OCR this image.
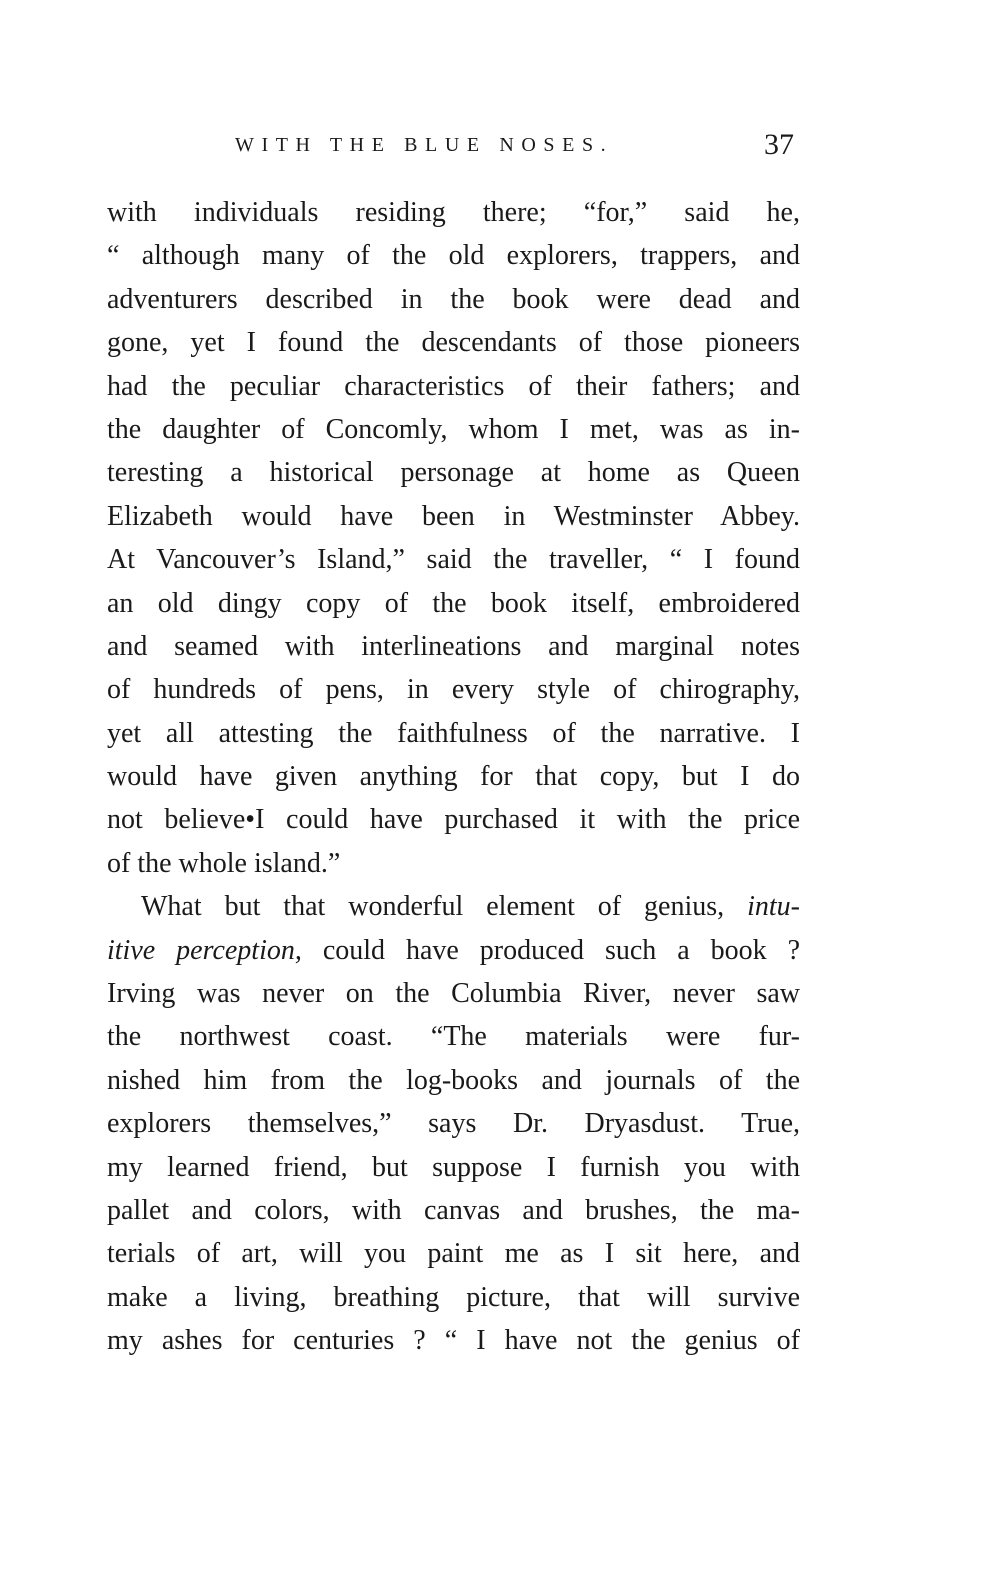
WITH THE BLUE NOSES.	37
with individuals residing there; “for,” said he,
“ although many of the old explorers, trappers, and
adventurers described in the book were dead and
gone, yet I found the descendants of those pioneers
had the peculiar characteristics of their fathers; and
the daughter of Concomly, whom I met, was as in-
teresting a historical personage at home as Queen
Elizabeth would have been in Westminster Abbey.
At Vancouver’s Island,” said the traveller, “ I found
an old dingy copy of the book itself, embroidered
and seamed with interlineations and marginal notes
of hundreds of pens, in every style of chirography,
yet all attesting the faithfulness of the narrative. I
would have given anything for that copy, but I do
not believe•I could have purchased it with the price
of the whole island.”
What but that wonderful element of genius, intu-
itive perception, could have produced such a book ?
Irving was never on the Columbia River, never saw
the northwest coast. “The materials were fur-
nished him from the log-books and journals of the
explorers themselves,” says Dr. Dryasdust. True,
my learned friend, but suppose I furnish you with
pallet and colors, with canvas and brushes, the ma-
terials of art, will you paint me as I sit here, and
make a living, breathing picture, that will survive
my ashes for centuries ? “ I have not the genius of
